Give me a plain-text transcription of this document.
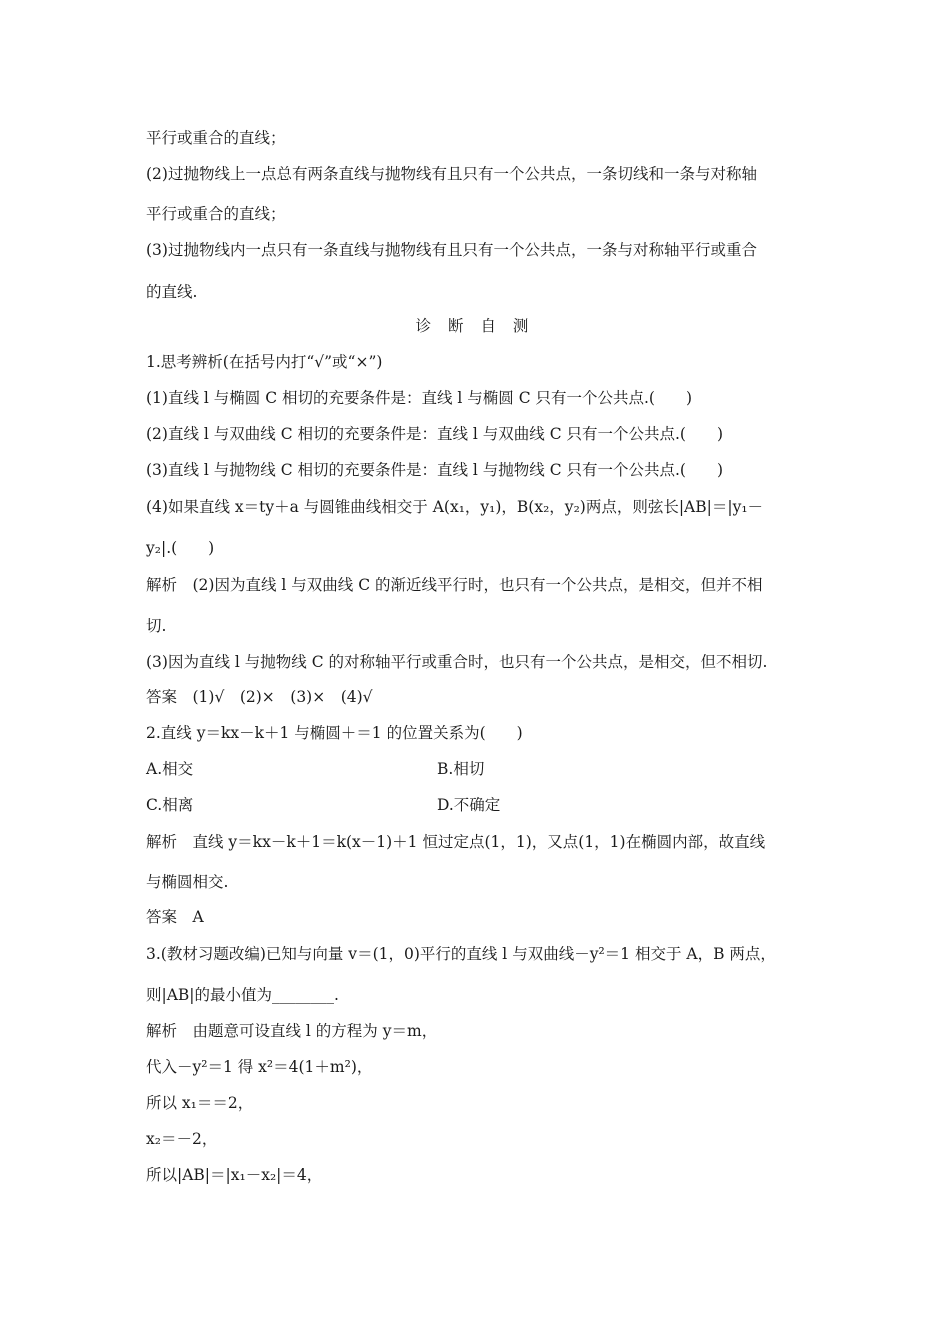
平行或重合的直线；
(2)过抛物线上一点总有两条直线与抛物线有且只有一个公共点，一条切线和一条与对称轴
平行或重合的直线；
(3)过抛物线内一点只有一条直线与抛物线有且只有一个公共点，一条与对称轴平行或重合
的直线.
诊 断 自 测
1.思考辨析(在括号内打“√”或“×”)
(1)直线 l 与椭圆 C 相切的充要条件是：直线 l 与椭圆 C 只有一个公共点.(　　)
(2)直线 l 与双曲线 C 相切的充要条件是：直线 l 与双曲线 C 只有一个公共点.(　　)
(3)直线 l 与抛物线 C 相切的充要条件是：直线 l 与抛物线 C 只有一个公共点.(　　)
(4)如果直线 x＝ty＋a 与圆锥曲线相交于 A(x₁，y₁)，B(x₂，y₂)两点，则弦长|AB|＝|y₁－
y₂|.(　　)
解析　(2)因为直线 l 与双曲线 C 的渐近线平行时，也只有一个公共点，是相交，但并不相
切.
(3)因为直线 l 与抛物线 C 的对称轴平行或重合时，也只有一个公共点，是相交，但不相切.
答案　(1)√　(2)×　(3)×　(4)√
2.直线 y＝kx－k＋1 与椭圆＋＝1 的位置关系为(　　)
A.相交	B.相切
C.相离	D.不确定
解析　直线 y＝kx－k＋1＝k(x－1)＋1 恒过定点(1，1)，又点(1，1)在椭圆内部，故直线
与椭圆相交.
答案　A
3.(教材习题改编)已知与向量 v＝(1，0)平行的直线 l 与双曲线－y²＝1 相交于 A，B 两点，
则|AB|的最小值为________.
解析　由题意可设直线 l 的方程为 y＝m，
代入－y²＝1 得 x²＝4(1＋m²)，
所以 x₁＝＝2，
x₂＝－2，
所以|AB|＝|x₁－x₂|＝4，
